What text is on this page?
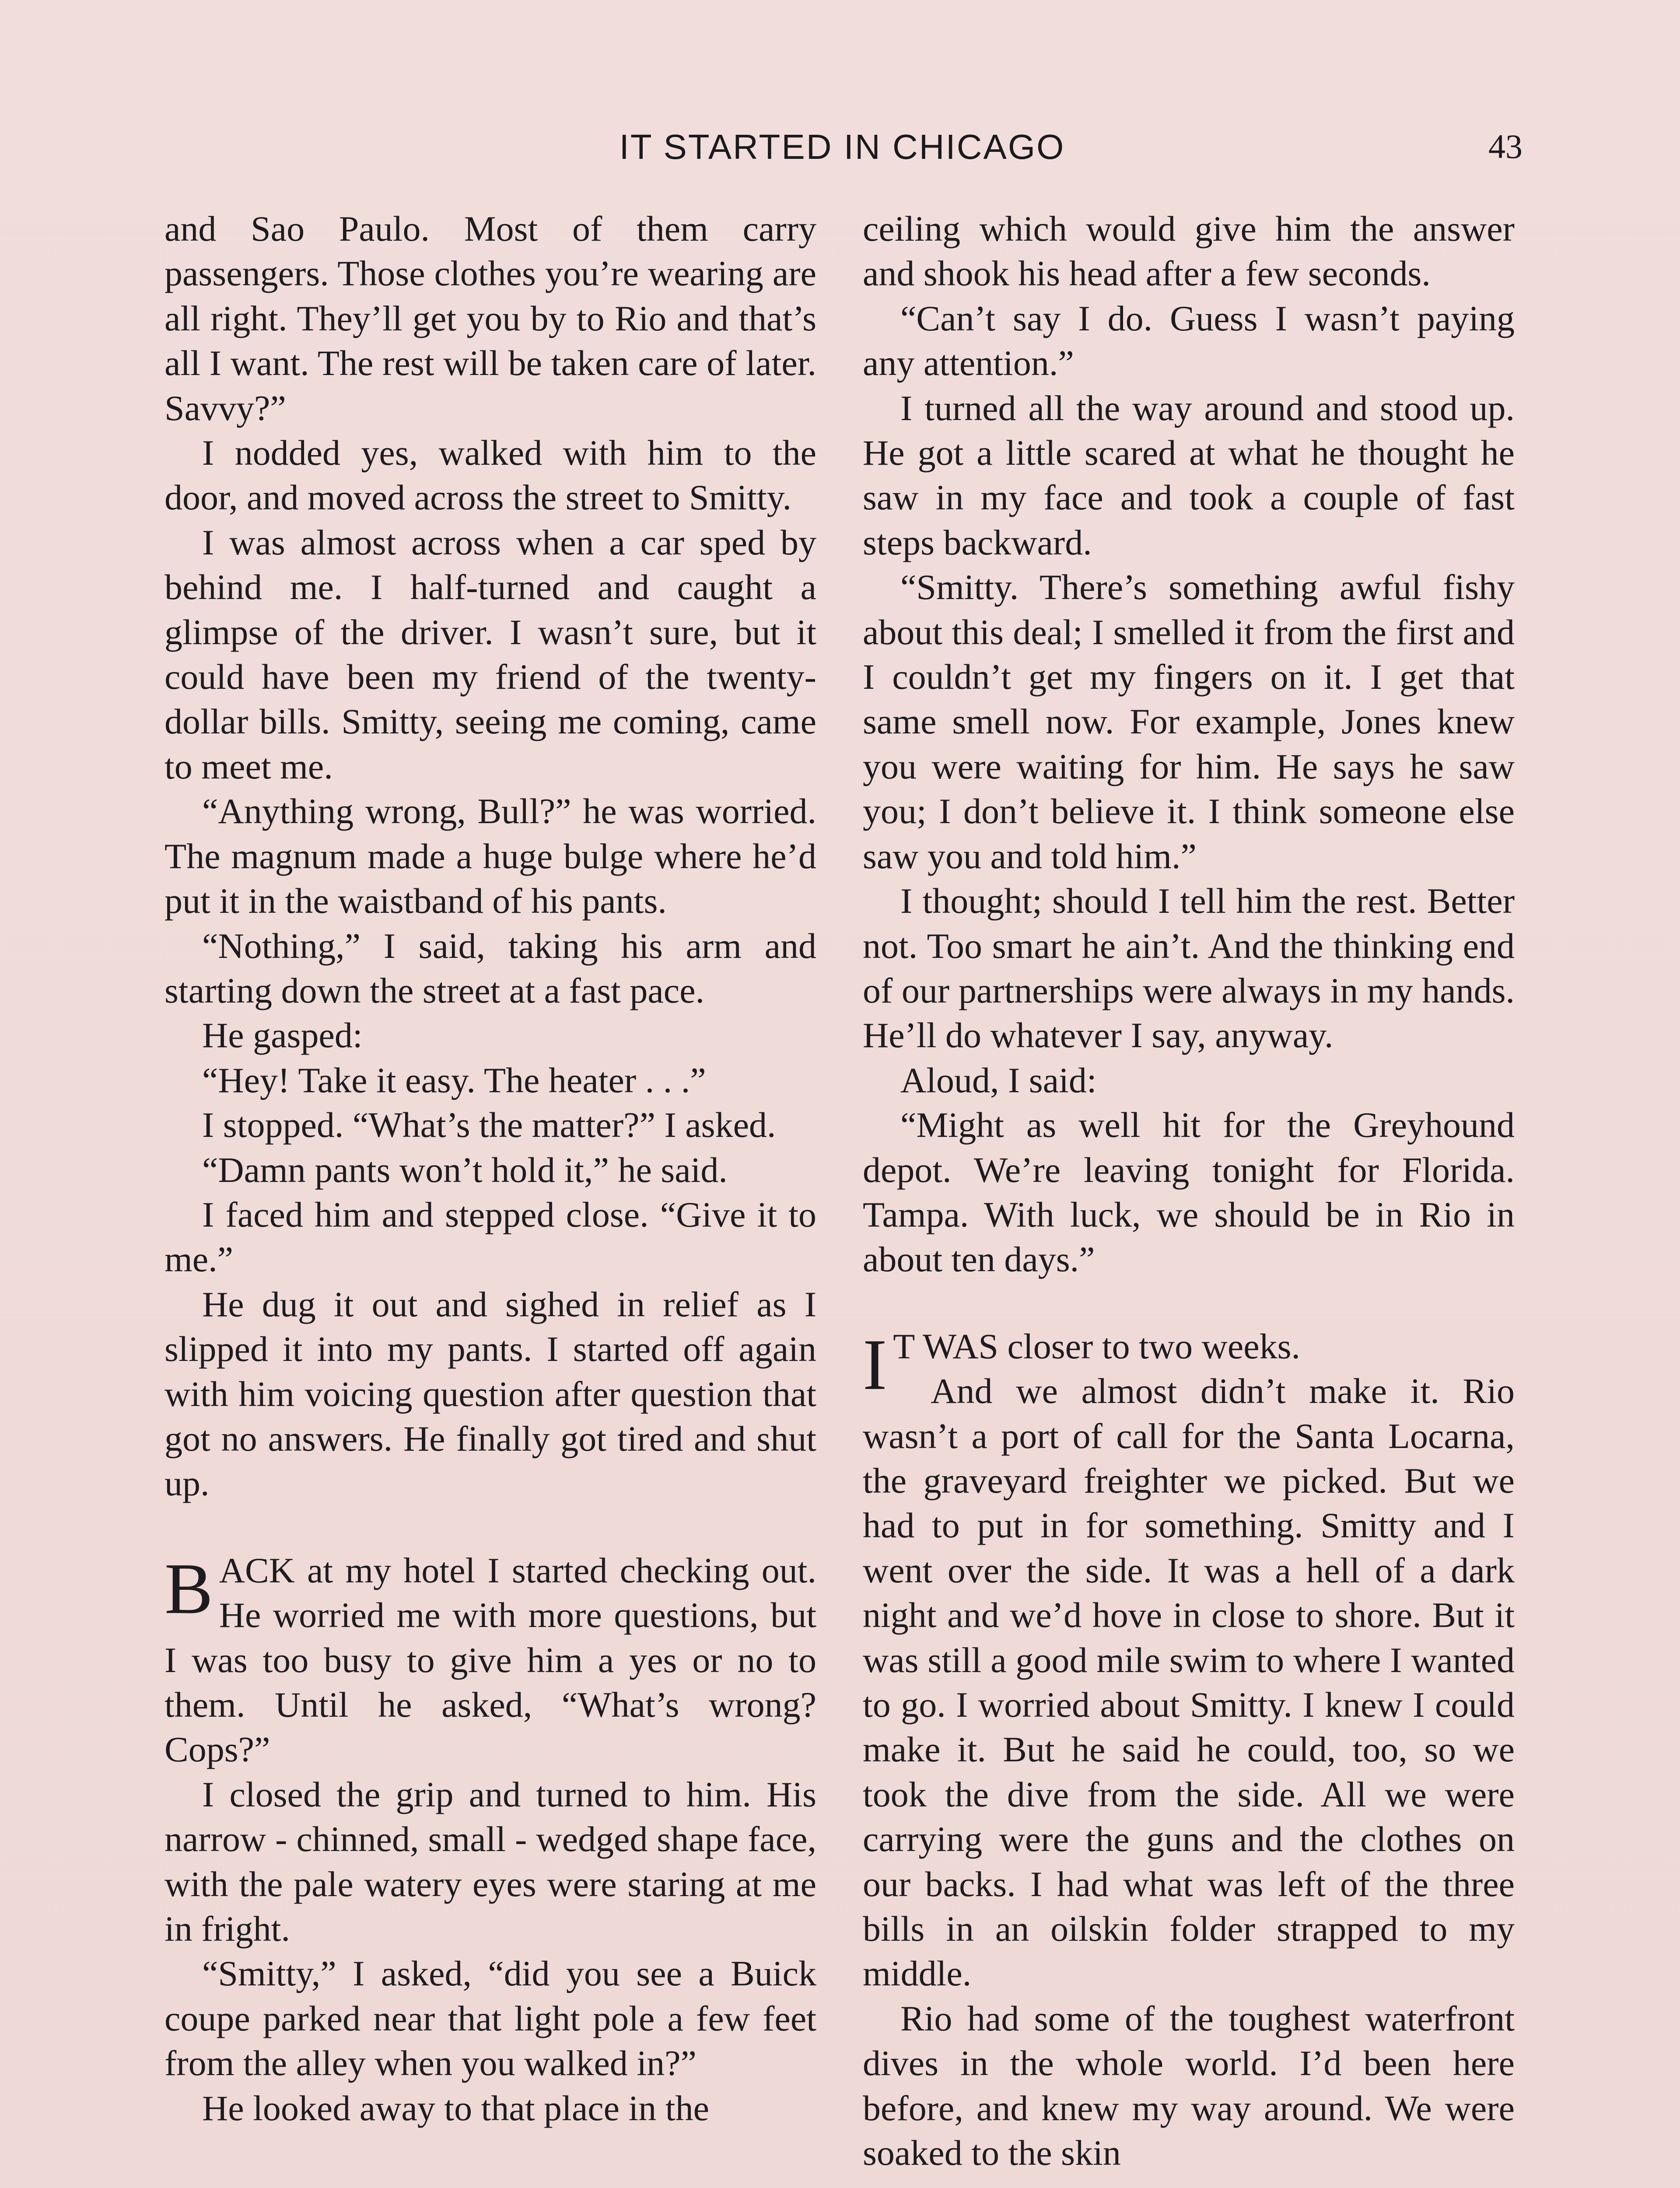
IT STARTED IN CHICAGO	43

and Sao Paulo. Most of them carry passengers. Those clothes you’re wearing are all right. They’ll get you by to Rio and that’s all I want. The rest will be taken care of later. Savvy?”

I nodded yes, walked with him to the door, and moved across the street to Smitty.

I was almost across when a car sped by behind me. I half-turned and caught a glimpse of the driver. I wasn’t sure, but it could have been my friend of the twenty-dollar bills. Smitty, seeing me coming, came to meet me.

“Anything wrong, Bull?” he was worried. The magnum made a huge bulge where he’d put it in the waistband of his pants.

“Nothing,” I said, taking his arm and starting down the street at a fast pace.

He gasped:

“Hey! Take it easy. The heater . . .”

I stopped. “What’s the matter?” I asked.

“Damn pants won’t hold it,” he said.

I faced him and stepped close. “Give it to me.”

He dug it out and sighed in relief as I slipped it into my pants. I started off again with him voicing question after question that got no answers. He finally got tired and shut up.

BACK at my hotel I started checking out. He worried me with more questions, but I was too busy to give him a yes or no to them. Until he asked, “What’s wrong? Cops?”

I closed the grip and turned to him. His narrow - chinned, small - wedged shape face, with the pale watery eyes were staring at me in fright.

“Smitty,” I asked, “did you see a Buick coupe parked near that light pole a few feet from the alley when you walked in?”

He looked away to that place in the

ceiling which would give him the answer and shook his head after a few seconds.

“Can’t say I do. Guess I wasn’t paying any attention.”

I turned all the way around and stood up. He got a little scared at what he thought he saw in my face and took a couple of fast steps backward.

“Smitty. There’s something awful fishy about this deal; I smelled it from the first and I couldn’t get my fingers on it. I get that same smell now. For example, Jones knew you were waiting for him. He says he saw you; I don’t believe it. I think someone else saw you and told him.”

I thought; should I tell him the rest. Better not. Too smart he ain’t. And the thinking end of our partnerships were always in my hands. He’ll do whatever I say, anyway.

Aloud, I said:

“Might as well hit for the Greyhound depot. We’re leaving tonight for Florida. Tampa. With luck, we should be in Rio in about ten days.”

I T WAS closer to two weeks.

And we almost didn’t make it. Rio wasn’t a port of call for the Santa Locarna, the graveyard freighter we picked. But we had to put in for something. Smitty and I went over the side. It was a hell of a dark night and we’d hove in close to shore. But it was still a good mile swim to where I wanted to go. I worried about Smitty. I knew I could make it. But he said he could, too, so we took the dive from the side. All we were carrying were the guns and the clothes on our backs. I had what was left of the three bills in an oilskin folder strapped to my middle.

Rio had some of the toughest waterfront dives in the whole world. I’d been here before, and knew my way around. We were soaked to the skin
